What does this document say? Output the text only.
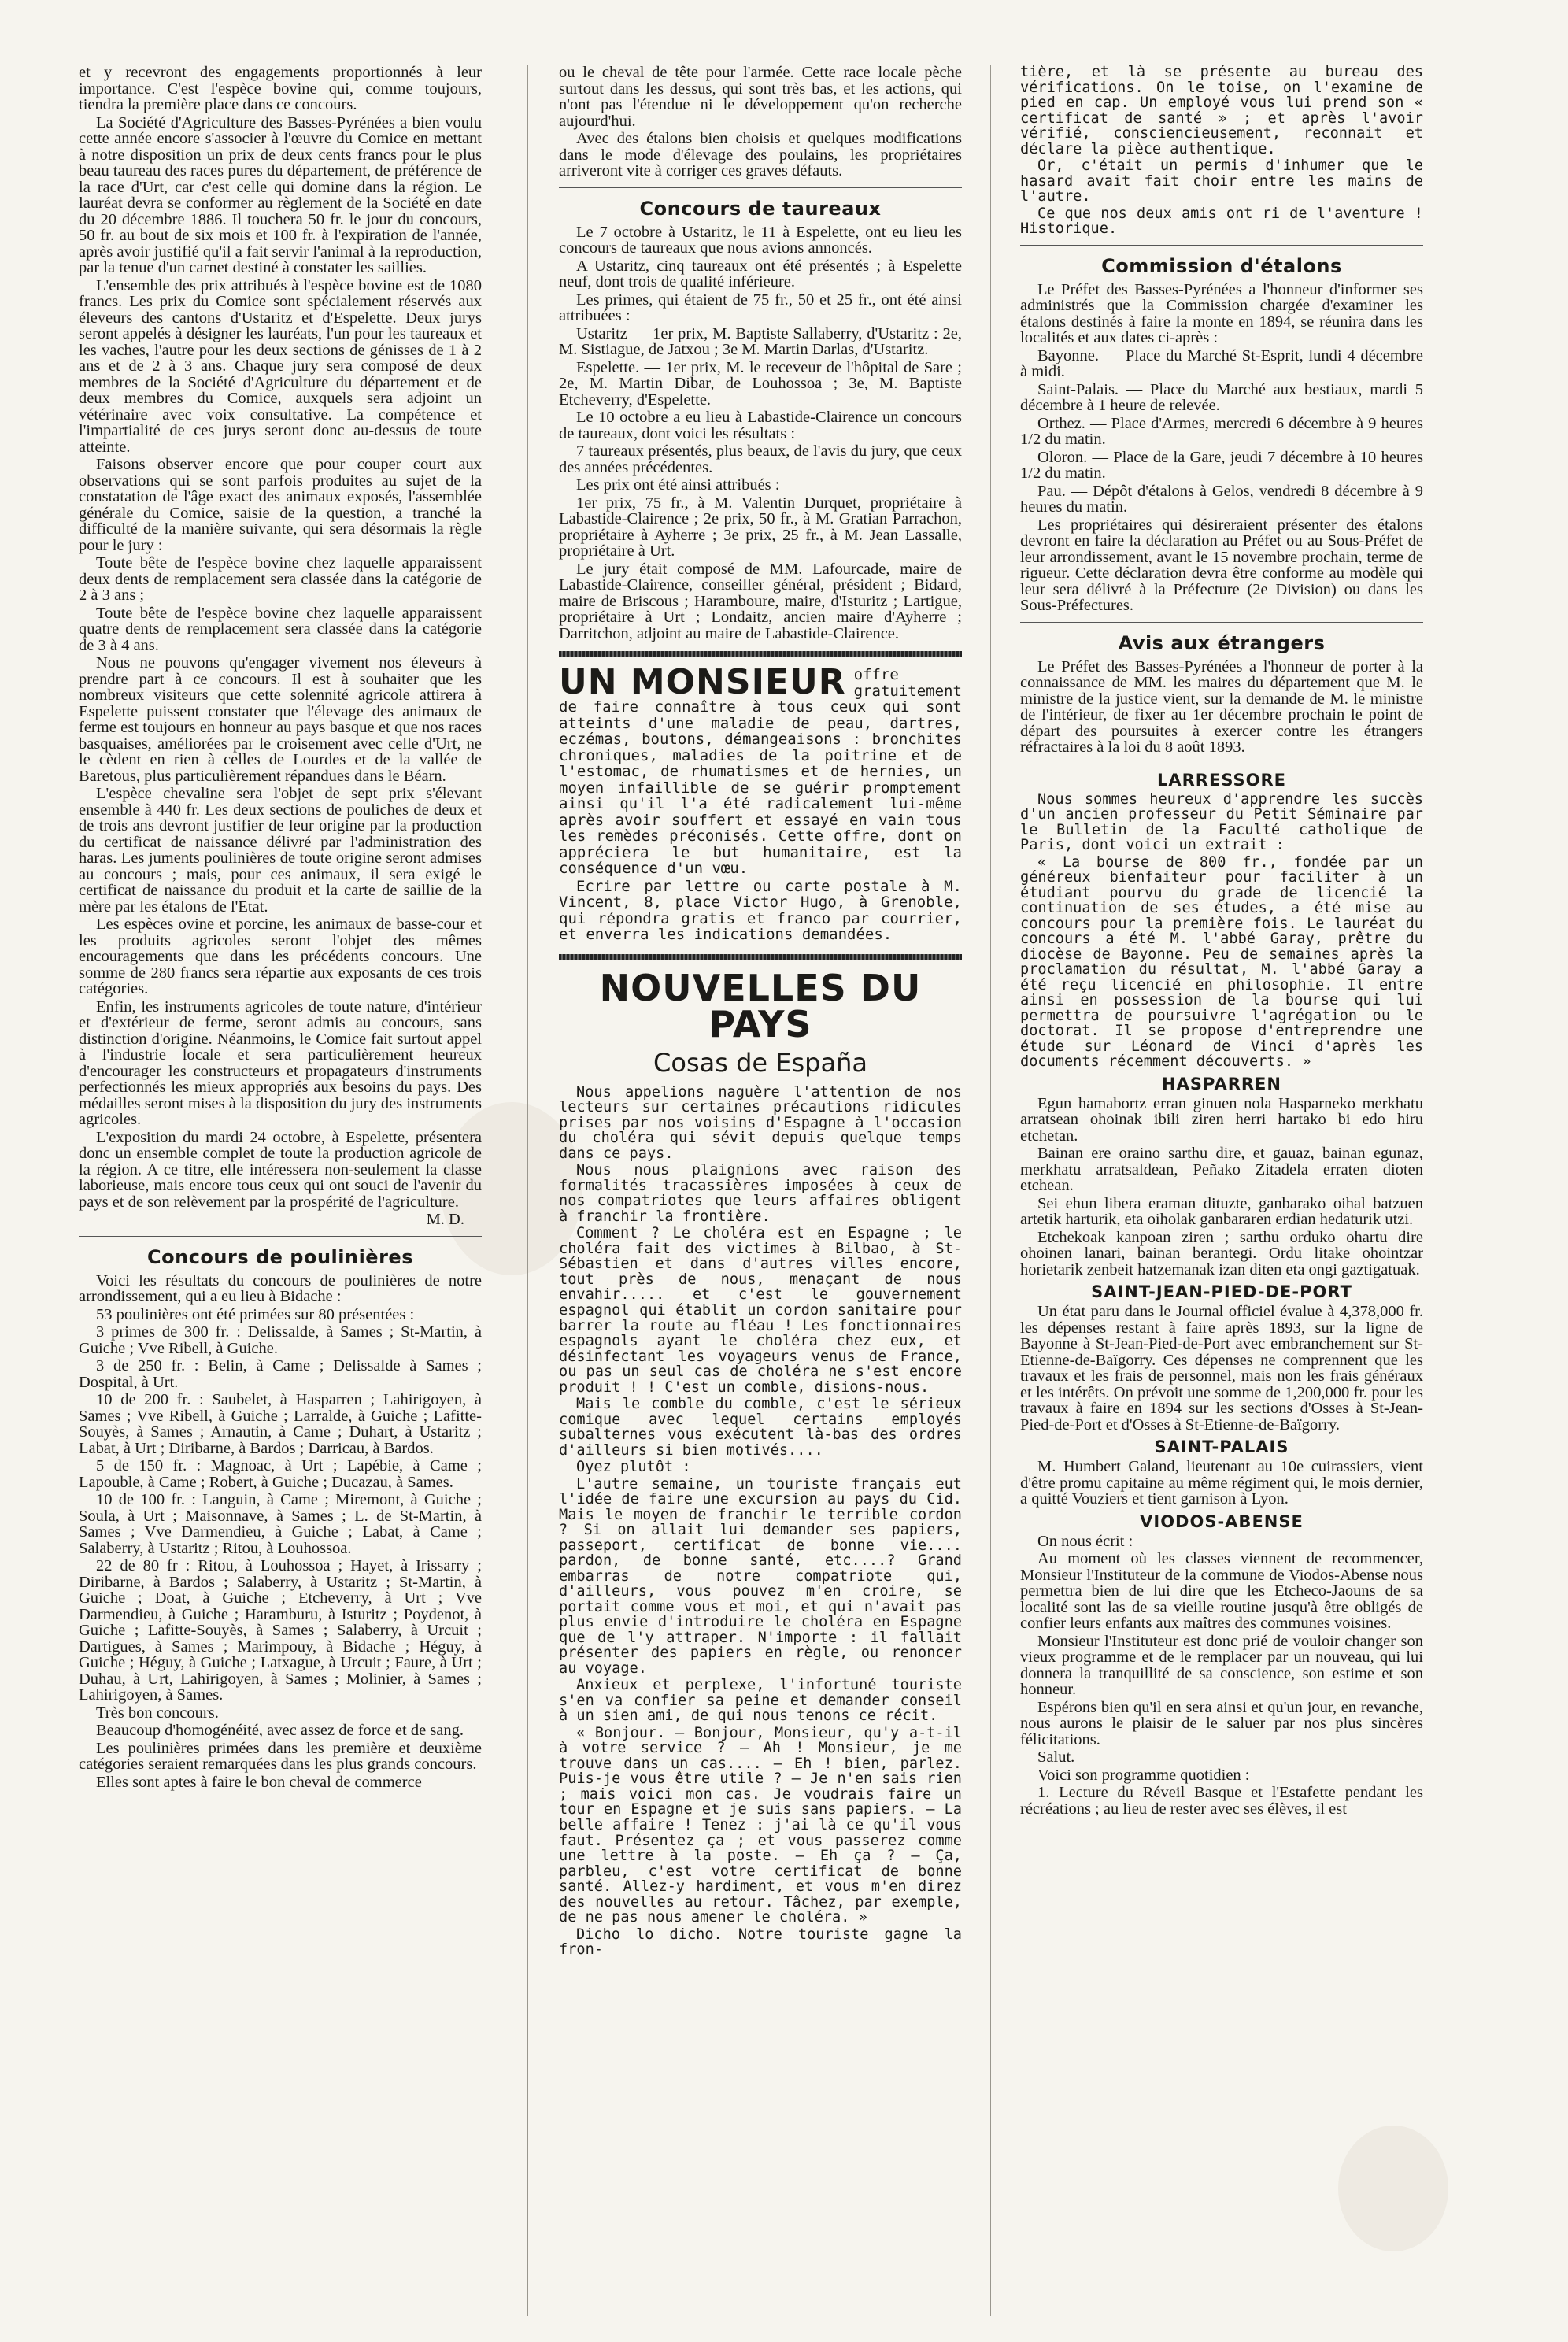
et y recevront des engagements proportionnés à leur importance. C'est l'espèce bovine qui, comme toujours, tiendra la première place dans ce concours.

La Société d'Agriculture des Basses-Pyrénées a bien voulu cette année encore s'associer à l'œuvre du Comice en mettant à notre disposition un prix de deux cents francs pour le plus beau taureau des races pures du département, de préférence de la race d'Urt, car c'est celle qui domine dans la région. Le lauréat devra se conformer au règlement de la Société en date du 20 décembre 1886. Il touchera 50 fr. le jour du concours, 50 fr. au bout de six mois et 100 fr. à l'expiration de l'année, après avoir justifié qu'il a fait servir l'animal à la reproduction, par la tenue d'un carnet destiné à constater les saillies.

L'ensemble des prix attribués à l'espèce bovine est de 1080 francs. Les prix du Comice sont spécialement réservés aux éleveurs des cantons d'Ustaritz et d'Espelette. Deux jurys seront appelés à désigner les lauréats, l'un pour les taureaux et les vaches, l'autre pour les deux sections de génisses de 1 à 2 ans et de 2 à 3 ans. Chaque jury sera composé de deux membres de la Société d'Agriculture du département et de deux membres du Comice, auxquels sera adjoint un vétérinaire avec voix consultative. La compétence et l'impartialité de ces jurys seront donc au-dessus de toute atteinte.

Faisons observer encore que pour couper court aux observations qui se sont parfois produites au sujet de la constatation de l'âge exact des animaux exposés, l'assemblée générale du Comice, saisie de la question, a tranché la difficulté de la manière suivante, qui sera désormais la règle pour le jury :

Toute bête de l'espèce bovine chez laquelle apparaissent deux dents de remplacement sera classée dans la catégorie de 2 à 3 ans ;

Toute bête de l'espèce bovine chez laquelle apparaissent quatre dents de remplacement sera classée dans la catégorie de 3 à 4 ans.

Nous ne pouvons qu'engager vivement nos éleveurs à prendre part à ce concours. Il est à souhaiter que les nombreux visiteurs que cette solennité agricole attirera à Espelette puissent constater que l'élevage des animaux de ferme est toujours en honneur au pays basque et que nos races basquaises, améliorées par le croisement avec celle d'Urt, ne le cèdent en rien à celles de Lourdes et de la vallée de Baretous, plus particulièrement répandues dans le Béarn.

L'espèce chevaline sera l'objet de sept prix s'élevant ensemble à 440 fr. Les deux sections de pouliches de deux et de trois ans devront justifier de leur origine par la production du certificat de naissance délivré par l'administration des haras. Les juments poulinières de toute origine seront admises au concours ; mais, pour ces animaux, il sera exigé le certificat de naissance du produit et la carte de saillie de la mère par les étalons de l'Etat.

Les espèces ovine et porcine, les animaux de basse-cour et les produits agricoles seront l'objet des mêmes encouragements que dans les précédents concours. Une somme de 280 francs sera répartie aux exposants de ces trois catégories.

Enfin, les instruments agricoles de toute nature, d'intérieur et d'extérieur de ferme, seront admis au concours, sans distinction d'origine. Néanmoins, le Comice fait surtout appel à l'industrie locale et sera particulièrement heureux d'encourager les constructeurs et propagateurs d'instruments perfectionnés les mieux appropriés aux besoins du pays. Des médailles seront mises à la disposition du jury des instruments agricoles.

L'exposition du mardi 24 octobre, à Espelette, présentera donc un ensemble complet de toute la production agricole de la région. A ce titre, elle intéressera non-seulement la classe laborieuse, mais encore tous ceux qui ont souci de l'avenir du pays et de son relèvement par la prospérité de l'agriculture.

M. D.
Concours de poulinières

Voici les résultats du concours de poulinières de notre arrondissement, qui a eu lieu à Bidache :

53 poulinières ont été primées sur 80 présentées :

3 primes de 300 fr. : Delissalde, à Sames ; St-Martin, à Guiche ; Vve Ribell, à Guiche.

3 de 250 fr. : Belin, à Came ; Delissalde à Sames ; Dospital, à Urt.

10 de 200 fr. : Saubelet, à Hasparren ; Lahirigoyen, à Sames ; Vve Ribell, à Guiche ; Larralde, à Guiche ; Lafitte-Souyès, à Sames ; Arnautin, à Came ; Duhart, à Ustaritz ; Labat, à Urt ; Diribarne, à Bardos ; Darricau, à Bardos.

5 de 150 fr. : Magnoac, à Urt ; Lapébie, à Came ; Lapouble, à Came ; Robert, à Guiche ; Ducazau, à Sames.

10 de 100 fr. : Languin, à Came ; Miremont, à Guiche ; Soula, à Urt ; Maisonnave, à Sames ; L. de St-Martin, à Sames ; Vve Darmendieu, à Guiche ; Labat, à Came ; Salaberry, à Ustaritz ; Ritou, à Louhossoa.

22 de 80 fr : Ritou, à Louhossoa ; Hayet, à Irissarry ; Diribarne, à Bardos ; Salaberry, à Ustaritz ; St-Martin, à Guiche ; Doat, à Guiche ; Etcheverry, à Urt ; Vve Darmendieu, à Guiche ; Haramburu, à Isturitz ; Poydenot, à Guiche ; Lafitte-Souyès, à Sames ; Salaberry, à Urcuit ; Dartigues, à Sames ; Marimpouy, à Bidache ; Héguy, à Guiche ; Héguy, à Guiche ; Latxague, à Urcuit ; Faure, à Urt ; Duhau, à Urt, Lahirigoyen, à Sames ; Molinier, à Sames ; Lahirigoyen, à Sames.

Très bon concours.

Beaucoup d'homogénéité, avec assez de force et de sang.

Les poulinières primées dans les première et deuxième catégories seraient remarquées dans les plus grands concours.

Elles sont aptes à faire le bon cheval de commerce

ou le cheval de tête pour l'armée. Cette race locale pèche surtout dans les dessus, qui sont très bas, et les actions, qui n'ont pas l'étendue ni le développement qu'on recherche aujourd'hui.

Avec des étalons bien choisis et quelques modifications dans le mode d'élevage des poulains, les propriétaires arriveront vite à corriger ces graves défauts.

Concours de taureaux

Le 7 octobre à Ustaritz, le 11 à Espelette, ont eu lieu les concours de taureaux que nous avions annoncés.

A Ustaritz, cinq taureaux ont été présentés ; à Espelette neuf, dont trois de qualité inférieure.

Les primes, qui étaient de 75 fr., 50 et 25 fr., ont été ainsi attribuées :

Ustaritz — 1er prix, M. Baptiste Sallaberry, d'Ustaritz : 2e, M. Sistiague, de Jatxou ; 3e M. Martin Darlas, d'Ustaritz.

Espelette. — 1er prix, M. le receveur de l'hôpital de Sare ; 2e, M. Martin Dibar, de Louhossoa ; 3e, M. Baptiste Etcheverry, d'Espelette.

Le 10 octobre a eu lieu à Labastide-Clairence un concours de taureaux, dont voici les résultats :

7 taureaux présentés, plus beaux, de l'avis du jury, que ceux des années précédentes.

Les prix ont été ainsi attribués :

1er prix, 75 fr., à M. Valentin Durquet, propriétaire à Labastide-Clairence ; 2e prix, 50 fr., à M. Gratian Parrachon, propriétaire à Ayherre ; 3e prix, 25 fr., à M. Jean Lassalle, propriétaire à Urt.

Le jury était composé de MM. Lafourcade, maire de Labastide-Clairence, conseiller général, président ; Bidard, maire de Briscous ; Haramboure, maire, d'Isturitz ; Lartigue, propriétaire à Urt ; Londaitz, ancien maire d'Ayherre ; Darritchon, adjoint au maire de Labastide-Clairence.

UN MONSIEUR offre gratuitement de faire connaître à tous ceux qui sont atteints d'une maladie de peau, dartres, eczémas, boutons, démangeaisons : bronchites chroniques, maladies de la poitrine et de l'estomac, de rhumatismes et de hernies, un moyen infaillible de se guérir promptement ainsi qu'il l'a été radicalement lui-même après avoir souffert et essayé en vain tous les remèdes préconisés. Cette offre, dont on appréciera le but humanitaire, est la conséquence d'un vœu.

Ecrire par lettre ou carte postale à M. Vincent, 8, place Victor Hugo, à Grenoble, qui répondra gratis et franco par courrier, et enverra les indications demandées.

NOUVELLES DU PAYS
Cosas de España

Nous appelions naguère l'attention de nos lecteurs sur certaines précautions ridicules prises par nos voisins d'Espagne à l'occasion du choléra qui sévit depuis quelque temps dans ce pays.

Nous nous plaignions avec raison des formalités tracassières imposées à ceux de nos compatriotes que leurs affaires obligent à franchir la frontière.

Comment ? Le choléra est en Espagne ; le choléra fait des victimes à Bilbao, à St-Sébastien et dans d'autres villes encore, tout près de nous, menaçant de nous envahir..... et c'est le gouvernement espagnol qui établit un cordon sanitaire pour barrer la route au fléau ! Les fonctionnaires espagnols ayant le choléra chez eux, et désinfectant les voyageurs venus de France, ou pas un seul cas de choléra ne s'est encore produit ! ! C'est un comble, disions-nous.

Mais le comble du comble, c'est le sérieux comique avec lequel certains employés subalternes vous exécutent là-bas des ordres d'ailleurs si bien motivés....

Oyez plutôt :

L'autre semaine, un touriste français eut l'idée de faire une excursion au pays du Cid. Mais le moyen de franchir le terrible cordon ? Si on allait lui demander ses papiers, passeport, certificat de bonne vie.... pardon, de bonne santé, etc....? Grand embarras de notre compatriote qui, d'ailleurs, vous pouvez m'en croire, se portait comme vous et moi, et qui n'avait pas plus envie d'introduire le choléra en Espagne que de l'y attraper. N'importe : il fallait présenter des papiers en règle, ou renoncer au voyage.

Anxieux et perplexe, l'infortuné touriste s'en va confier sa peine et demander conseil à un sien ami, de qui nous tenons ce récit.

« Bonjour. — Bonjour, Monsieur, qu'y a-t-il à votre service ? — Ah ! Monsieur, je me trouve dans un cas.... — Eh ! bien, parlez. Puis-je vous être utile ? — Je n'en sais rien ; mais voici mon cas. Je voudrais faire un tour en Espagne et je suis sans papiers. — La belle affaire ! Tenez : j'ai là ce qu'il vous faut. Présentez ça ; et vous passerez comme une lettre à la poste. — Eh ça ? — Ça, parbleu, c'est votre certificat de bonne santé. Allez-y hardiment, et vous m'en direz des nouvelles au retour. Tâchez, par exemple, de ne pas nous amener le choléra. »

Dicho lo dicho. Notre touriste gagne la fron-

tière, et là se présente au bureau des vérifications. On le toise, on l'examine de pied en cap. Un employé vous lui prend son « certificat de santé » ; et après l'avoir vérifié, consciencieusement, reconnait et déclare la pièce authentique.

Or, c'était un permis d'inhumer que le hasard avait fait choir entre les mains de l'autre.

Ce que nos deux amis ont ri de l'aventure ! Historique.

Commission d'étalons

Le Préfet des Basses-Pyrénées a l'honneur d'informer ses administrés que la Commission chargée d'examiner les étalons destinés à faire la monte en 1894, se réunira dans les localités et aux dates ci-après :

Bayonne. — Place du Marché St-Esprit, lundi 4 décembre à midi.

Saint-Palais. — Place du Marché aux bestiaux, mardi 5 décembre à 1 heure de relevée.

Orthez. — Place d'Armes, mercredi 6 décembre à 9 heures 1/2 du matin.

Oloron. — Place de la Gare, jeudi 7 décembre à 10 heures 1/2 du matin.

Pau. — Dépôt d'étalons à Gelos, vendredi 8 décembre à 9 heures du matin.

Les propriétaires qui désireraient présenter des étalons devront en faire la déclaration au Préfet ou au Sous-Préfet de leur arrondissement, avant le 15 novembre prochain, terme de rigueur. Cette déclaration devra être conforme au modèle qui leur sera délivré à la Préfecture (2e Division) ou dans les Sous-Préfectures.

Avis aux étrangers

Le Préfet des Basses-Pyrénées a l'honneur de porter à la connaissance de MM. les maires du département que M. le ministre de la justice vient, sur la demande de M. le ministre de l'intérieur, de fixer au 1er décembre prochain le point de départ des poursuites à exercer contre les étrangers réfractaires à la loi du 8 août 1893.

LARRESSORE

Nous sommes heureux d'apprendre les succès d'un ancien professeur du Petit Séminaire par le Bulletin de la Faculté catholique de Paris, dont voici un extrait :

« La bourse de 800 fr., fondée par un généreux bienfaiteur pour faciliter à un étudiant pourvu du grade de licencié la continuation de ses études, a été mise au concours pour la première fois. Le lauréat du concours a été M. l'abbé Garay, prêtre du diocèse de Bayonne. Peu de semaines après la proclamation du résultat, M. l'abbé Garay a été reçu licencié en philosophie. Il entre ainsi en possession de la bourse qui lui permettra de poursuivre l'agrégation ou le doctorat. Il se propose d'entreprendre une étude sur Léonard de Vinci d'après les documents récemment découverts. »

HASPARREN

Egun hamabortz erran ginuen nola Hasparneko merkhatu arratsean ohoinak ibili ziren herri hartako bi edo hiru etchetan.

Bainan ere oraino sarthu dire, et gauaz, bainan egunaz, merkhatu arratsaldean, Peñako Zitadela erraten dioten etchean.

Sei ehun libera eraman dituzte, ganbarako oihal batzuen artetik harturik, eta oiholak ganbararen erdian hedaturik utzi.

Etchekoak kanpoan ziren ; sarthu orduko ohartu dire ohoinen lanari, bainan berantegi. Ordu litake ohointzar horietarik zenbeit hatzemanak izan diten eta ongi gaztigatuak.

SAINT-JEAN-PIED-DE-PORT

Un état paru dans le Journal officiel évalue à 4,378,000 fr. les dépenses restant à faire après 1893, sur la ligne de Bayonne à St-Jean-Pied-de-Port avec embranchement sur St-Etienne-de-Baïgorry. Ces dépenses ne comprennent que les travaux et les frais de personnel, mais non les frais généraux et les intérêts. On prévoit une somme de 1,200,000 fr. pour les travaux à faire en 1894 sur les sections d'Osses à St-Jean-Pied-de-Port et d'Osses à St-Etienne-de-Baïgorry.

SAINT-PALAIS

M. Humbert Galand, lieutenant au 10e cuirassiers, vient d'être promu capitaine au même régiment qui, le mois dernier, a quitté Vouziers et tient garnison à Lyon.

VIODOS-ABENSE

On nous écrit :

Au moment où les classes viennent de recommencer, Monsieur l'Instituteur de la commune de Viodos-Abense nous permettra bien de lui dire que les Etcheco-Jaouns de sa localité sont las de sa vieille routine jusqu'à être obligés de confier leurs enfants aux maîtres des communes voisines.

Monsieur l'Instituteur est donc prié de vouloir changer son vieux programme et de le remplacer par un nouveau, qui lui donnera la tranquillité de sa conscience, son estime et son honneur.

Espérons bien qu'il en sera ainsi et qu'un jour, en revanche, nous aurons le plaisir de le saluer par nos plus sincères félicitations.

Salut.

Voici son programme quotidien :

1. Lecture du Réveil Basque et l'Estafette pendant les récréations ; au lieu de rester avec ses élèves, il est
